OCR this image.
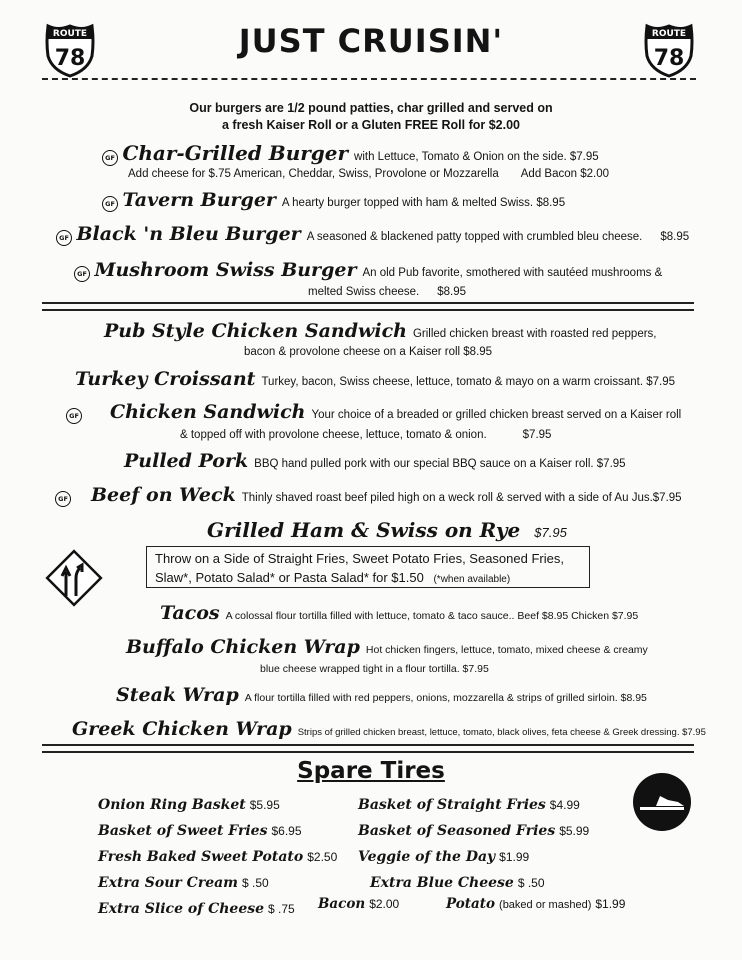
ROUTE
78
ROUTE
78
JUST CRUISIN'
Our burgers are 1/2 pound patties, char grilled and served on
a fresh Kaiser Roll or a Gluten FREE Roll for $2.00
GF
Char-Grilled Burger with Lettuce, Tomato & Onion on the side. $7.95
Add cheese for $.75 American, Cheddar, Swiss, Provolone or Mozzarella Add Bacon $2.00
GF
Tavern Burger A hearty burger topped with ham & melted Swiss. $8.95
GF
Black 'n Bleu Burger A seasoned & blackened patty topped with crumbled bleu cheese. $8.95
GF
Mushroom Swiss Burger An old Pub favorite, smothered with sautéed mushrooms &
melted Swiss cheese. $8.95
Pub Style Chicken Sandwich Grilled chicken breast with roasted red peppers,
bacon & provolone cheese on a Kaiser roll $8.95
Turkey Croissant Turkey, bacon, Swiss cheese, lettuce, tomato & mayo on a warm croissant. $7.95
GF Chicken Sandwich Your choice of a breaded or grilled chicken breast served on a Kaiser roll
& topped off with provolone cheese, lettuce, tomato & onion.	$7.95
Pulled Pork BBQ hand pulled pork with our special BBQ sauce on a Kaiser roll. $7.95
GF Beef on Weck Thinly shaved roast beef piled high on a weck roll & served with a side of Au Jus.$7.95
Grilled Ham & Swiss on Rye $7.95
Throw on a Side of Straight Fries, Sweet Potato Fries, Seasoned Fries,
Slaw*, Potato Salad* or Pasta Salad* for $1.50 (*when available)
Tacos A colossal flour tortilla filled with lettuce, tomato & taco sauce.. Beef $8.95 Chicken $7.95
Buffalo Chicken Wrap Hot chicken fingers, lettuce, tomato, mixed cheese & creamy
blue cheese wrapped tight in a flour tortilla. $7.95
Steak Wrap A flour tortilla filled with red peppers, onions, mozzarella & strips of grilled sirloin. $8.95
Greek Chicken Wrap Strips of grilled chicken breast, lettuce, tomato, black olives, feta cheese & Greek dressing. $7.95
Spare Tires
Onion Ring Basket $5.95
Basket of Sweet Fries $6.95
Fresh Baked Sweet Potato $2.50
Extra Sour Cream $ .50
Extra Slice of Cheese $ .75
Basket of Straight Fries $4.99
Basket of Seasoned Fries $5.99
Veggie of the Day $1.99
Extra Blue Cheese $ .50
Bacon $2.00	Potato (baked or mashed) $1.99
